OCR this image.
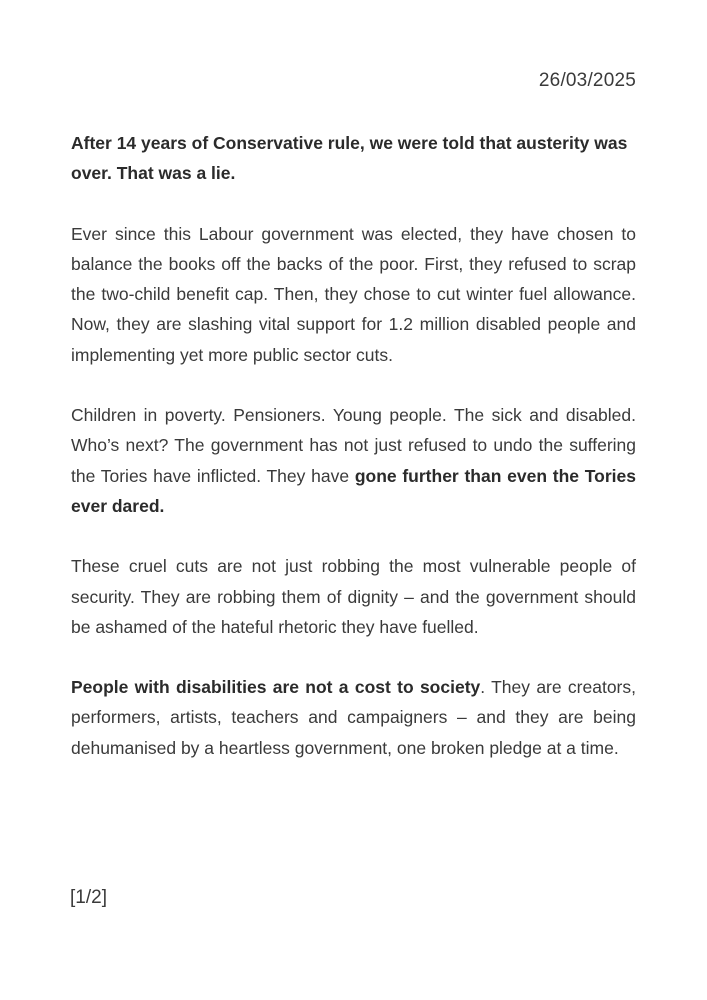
26/03/2025

After 14 years of Conservative rule, we were told that austerity was over. That was a lie.

Ever since this Labour government was elected, they have chosen to balance the books off the backs of the poor. First, they refused to scrap the two-child benefit cap. Then, they chose to cut winter fuel allowance. Now, they are slashing vital support for 1.2 million disabled people and implementing yet more public sector cuts.

Children in poverty. Pensioners. Young people. The sick and disabled. Who’s next? The government has not just refused to undo the suffering the Tories have inflicted. They have gone further than even the Tories ever dared.

These cruel cuts are not just robbing the most vulnerable people of security. They are robbing them of dignity – and the government should be ashamed of the hateful rhetoric they have fuelled.

People with disabilities are not a cost to society. They are creators, performers, artists, teachers and campaigners – and they are being dehumanised by a heartless government, one broken pledge at a time.

[1/2]
